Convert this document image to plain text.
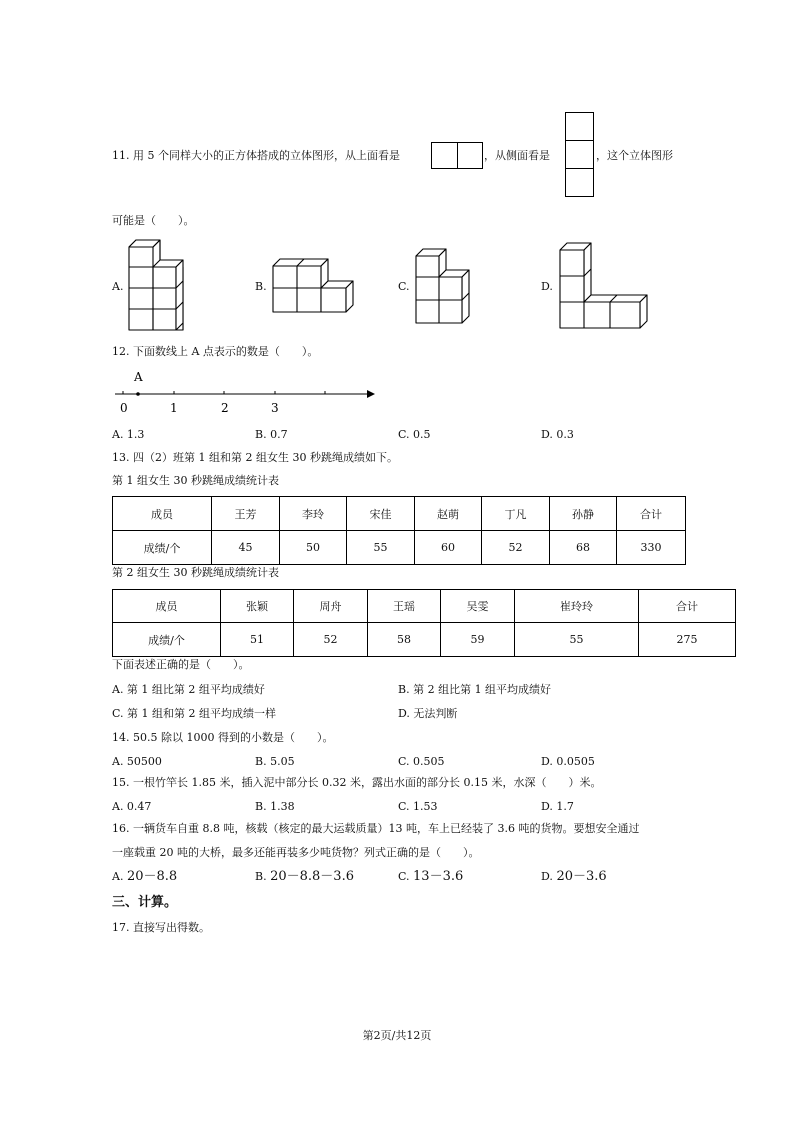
11. 用 5 个同样大小的正方体搭成的立体图形，从上面看是	，从侧面看是	，这个立体图形
可能是（　　）。
A.	B.	C.	D.
12. 下面数线上 A 点表示的数是（　　）。
A
0	1	2	3
A. 1.3	B. 0.7	C. 0.5	D. 0.3
13. 四（2）班第 1 组和第 2 组女生 30 秒跳绳成绩如下。
第 1 组女生 30 秒跳绳成绩统计表
成员	王芳	李玲	宋佳	赵萌	丁凡	孙静	合计
成绩/个	45	50	55	60	52	68	330
第 2 组女生 30 秒跳绳成绩统计表
成员	张颖	周舟	王瑶	吴雯	崔玲玲	合计
成绩/个	51	52	58	59	55	275
下面表述正确的是（　　）。
A. 第 1 组比第 2 组平均成绩好	B. 第 2 组比第 1 组平均成绩好
C. 第 1 组和第 2 组平均成绩一样	D. 无法判断
14. 50.5 除以 1000 得到的小数是（　　）。
A. 50500	B. 5.05	C. 0.505	D. 0.0505
15. 一根竹竿长 1.85 米，插入泥中部分长 0.32 米，露出水面的部分长 0.15 米，水深（　　）米。
A. 0.47	B. 1.38	C. 1.53	D. 1.7
16. 一辆货车自重 8.8 吨，核载（核定的最大运载质量）13 吨，车上已经装了 3.6 吨的货物。要想安全通过
一座载重 20 吨的大桥，最多还能再装多少吨货物？列式正确的是（　　）。
A. 20－8.8	B. 20－8.8－3.6	C. 13－3.6	D. 20－3.6
三、计算。
17. 直接写出得数。
第2页/共12页
